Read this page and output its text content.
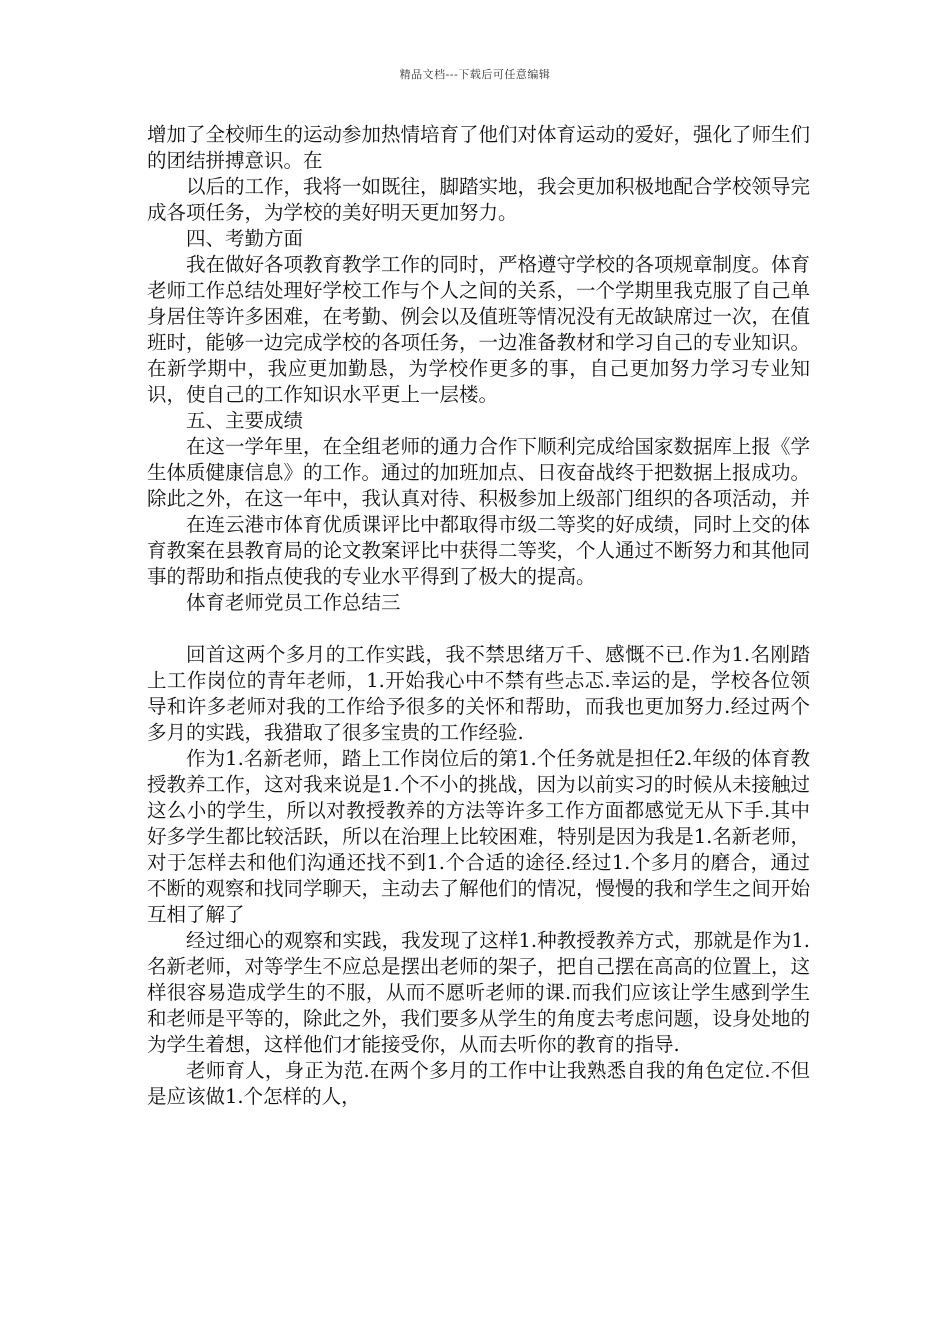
精品文档---下载后可任意编辑

增加了全校师生的运动参加热情培育了他们对体育运动的爱好，强化了师生们的团结拼搏意识。在

以后的工作，我将一如既往，脚踏实地，我会更加积极地配合学校领导完成各项任务，为学校的美好明天更加努力。

四、考勤方面

我在做好各项教育教学工作的同时，严格遵守学校的各项规章制度。体育老师工作总结处理好学校工作与个人之间的关系，一个学期里我克服了自己单身居住等许多困难，在考勤、例会以及值班等情况没有无故缺席过一次，在值班时，能够一边完成学校的各项任务，一边准备教材和学习自己的专业知识。在新学期中，我应更加勤恳，为学校作更多的事，自己更加努力学习专业知识，使自己的工作知识水平更上一层楼。

五、主要成绩

在这一学年里，在全组老师的通力合作下顺利完成给国家数据库上报《学生体质健康信息》的工作。通过的加班加点、日夜奋战终于把数据上报成功。除此之外，在这一年中，我认真对待、积极参加上级部门组织的各项活动，并

在连云港市体育优质课评比中都取得市级二等奖的好成绩，同时上交的体育教案在县教育局的论文教案评比中获得二等奖，个人通过不断努力和其他同事的帮助和指点使我的专业水平得到了极大的提高。

体育老师党员工作总结三

回首这两个多月的工作实践，我不禁思绪万千、感慨不已.作为1.名刚踏上工作岗位的青年老师，1.开始我心中不禁有些忐忑.幸运的是，学校各位领导和许多老师对我的工作给予很多的关怀和帮助，而我也更加努力.经过两个多月的实践，我猎取了很多宝贵的工作经验.

作为1.名新老师，踏上工作岗位后的第1.个任务就是担任2.年级的体育教授教养工作，这对我来说是1.个不小的挑战，因为以前实习的时候从未接触过这么小的学生，所以对教授教养的方法等许多工作方面都感觉无从下手.其中好多学生都比较活跃，所以在治理上比较困难，特别是因为我是1.名新老师，对于怎样去和他们沟通还找不到1.个合适的途径.经过1.个多月的磨合，通过不断的观察和找同学聊天，主动去了解他们的情况，慢慢的我和学生之间开始互相了解了

经过细心的观察和实践，我发现了这样1.种教授教养方式，那就是作为1.名新老师，对等学生不应总是摆出老师的架子，把自己摆在高高的位置上，这样很容易造成学生的不服，从而不愿听老师的课.而我们应该让学生感到学生和老师是平等的，除此之外，我们要多从学生的角度去考虑问题，设身处地的为学生着想，这样他们才能接受你，从而去听你的教育的指导.

老师育人，身正为范.在两个多月的工作中让我熟悉自我的角色定位.不但是应该做1.个怎样的人，
